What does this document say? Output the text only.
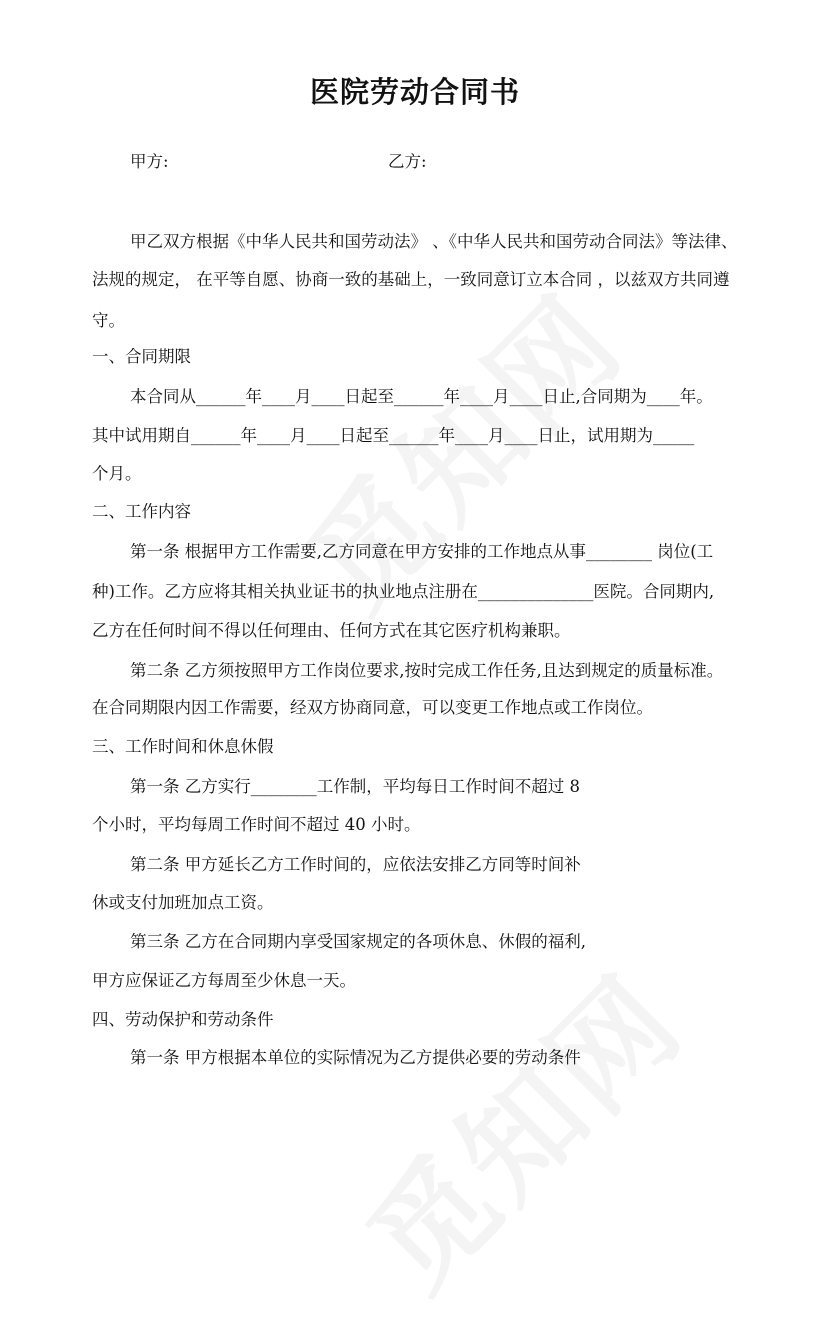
医院劳动合同书
甲方:	乙方:
甲乙双方根据《中华人民共和国劳动法》 、《中华人民共和国劳动合同法》等法律、
法规的规定， 在平等自愿、协商一致的基础上，一致同意订立本合同 ，以兹双方共同遵
守。
一、合同期限
本合同从______年____月____日起至______年____月____日止,合同期为____年。
其中试用期自______年____月____日起至______年____月____日止，试用期为_____
个月。
二、工作内容
第一条 根据甲方工作需要,乙方同意在甲方安排的工作地点从事________ 岗位(工
种)工作。乙方应将其相关执业证书的执业地点注册在______________医院。合同期内,
乙方在任何时间不得以任何理由、任何方式在其它医疗机构兼职。
第二条 乙方须按照甲方工作岗位要求,按时完成工作任务,且达到规定的质量标准。
在合同期限内因工作需要，经双方协商同意，可以变更工作地点或工作岗位。
三、工作时间和休息休假
第一条 乙方实行________工作制，平均每日工作时间不超过 8
个小时，平均每周工作时间不超过 40 小时。
第二条 甲方延长乙方工作时间的，应依法安排乙方同等时间补
休或支付加班加点工资。
第三条 乙方在合同期内享受国家规定的各项休息、休假的福利,
甲方应保证乙方每周至少休息一天。
四、劳动保护和劳动条件
第一条 甲方根据本单位的实际情况为乙方提供必要的劳动条件
